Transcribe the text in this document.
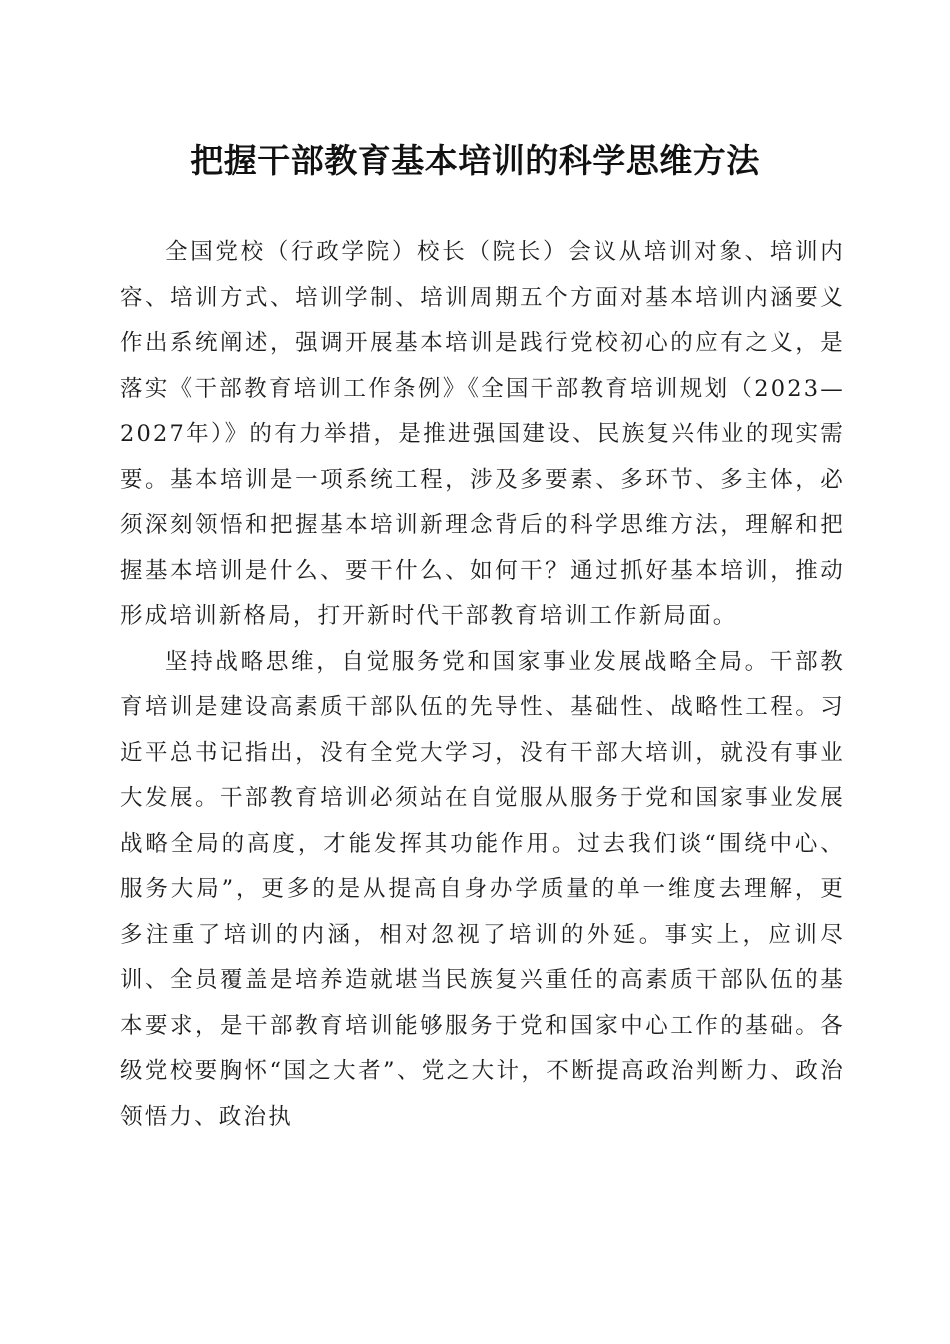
把握干部教育基本培训的科学思维方法

全国党校（行政学院）校长（院长）会议从培训对象、培训内容、培训方式、培训学制、培训周期五个方面对基本培训内涵要义作出系统阐述，强调开展基本培训是践行党校初心的应有之义，是落实《干部教育培训工作条例》《全国干部教育培训规划（2023—2027年）》的有力举措，是推进强国建设、民族复兴伟业的现实需要。基本培训是一项系统工程，涉及多要素、多环节、多主体，必须深刻领悟和把握基本培训新理念背后的科学思维方法，理解和把握基本培训是什么、要干什么、如何干？通过抓好基本培训，推动形成培训新格局，打开新时代干部教育培训工作新局面。

坚持战略思维，自觉服务党和国家事业发展战略全局。干部教育培训是建设高素质干部队伍的先导性、基础性、战略性工程。习近平总书记指出，没有全党大学习，没有干部大培训，就没有事业大发展。干部教育培训必须站在自觉服从服务于党和国家事业发展战略全局的高度，才能发挥其功能作用。过去我们谈“围绕中心、服务大局”，更多的是从提高自身办学质量的单一维度去理解，更多注重了培训的内涵，相对忽视了培训的外延。事实上，应训尽训、全员覆盖是培养造就堪当民族复兴重任的高素质干部队伍的基本要求，是干部教育培训能够服务于党和国家中心工作的基础。各级党校要胸怀“国之大者”、党之大计，不断提高政治判断力、政治领悟力、政治执
